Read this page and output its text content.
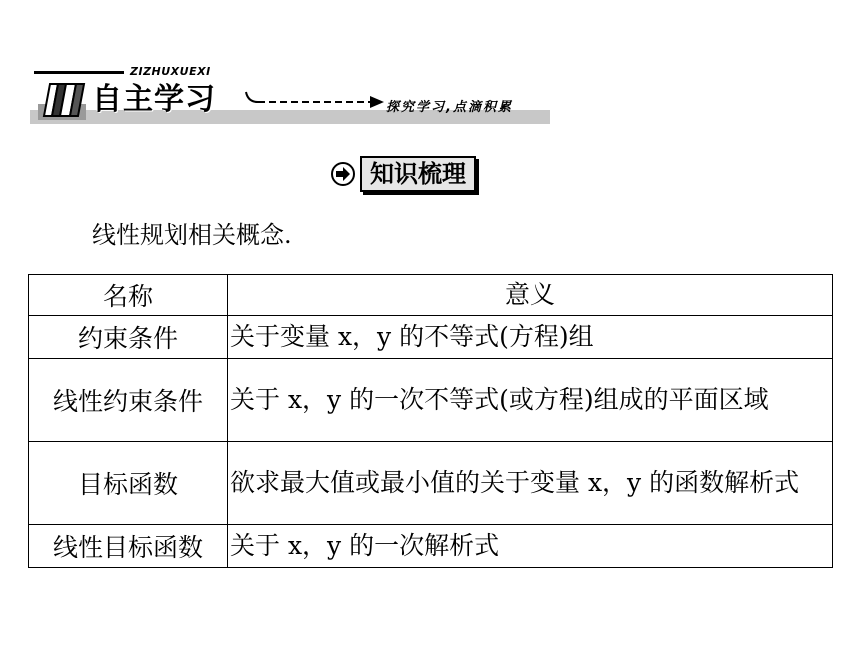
ZIZHUXUEXI
自主学习	探究学习,点滴积累
知识梳理
线性规划相关概念.
名称	意义
约束条件	关于变量 x，y 的不等式(方程)组
线性约束条件	关于 x，y 的一次不等式(或方程)组成的平面区域
目标函数	欲求最大值或最小值的关于变量 x，y 的函数解析式
线性目标函数	关于 x，y 的一次解析式
